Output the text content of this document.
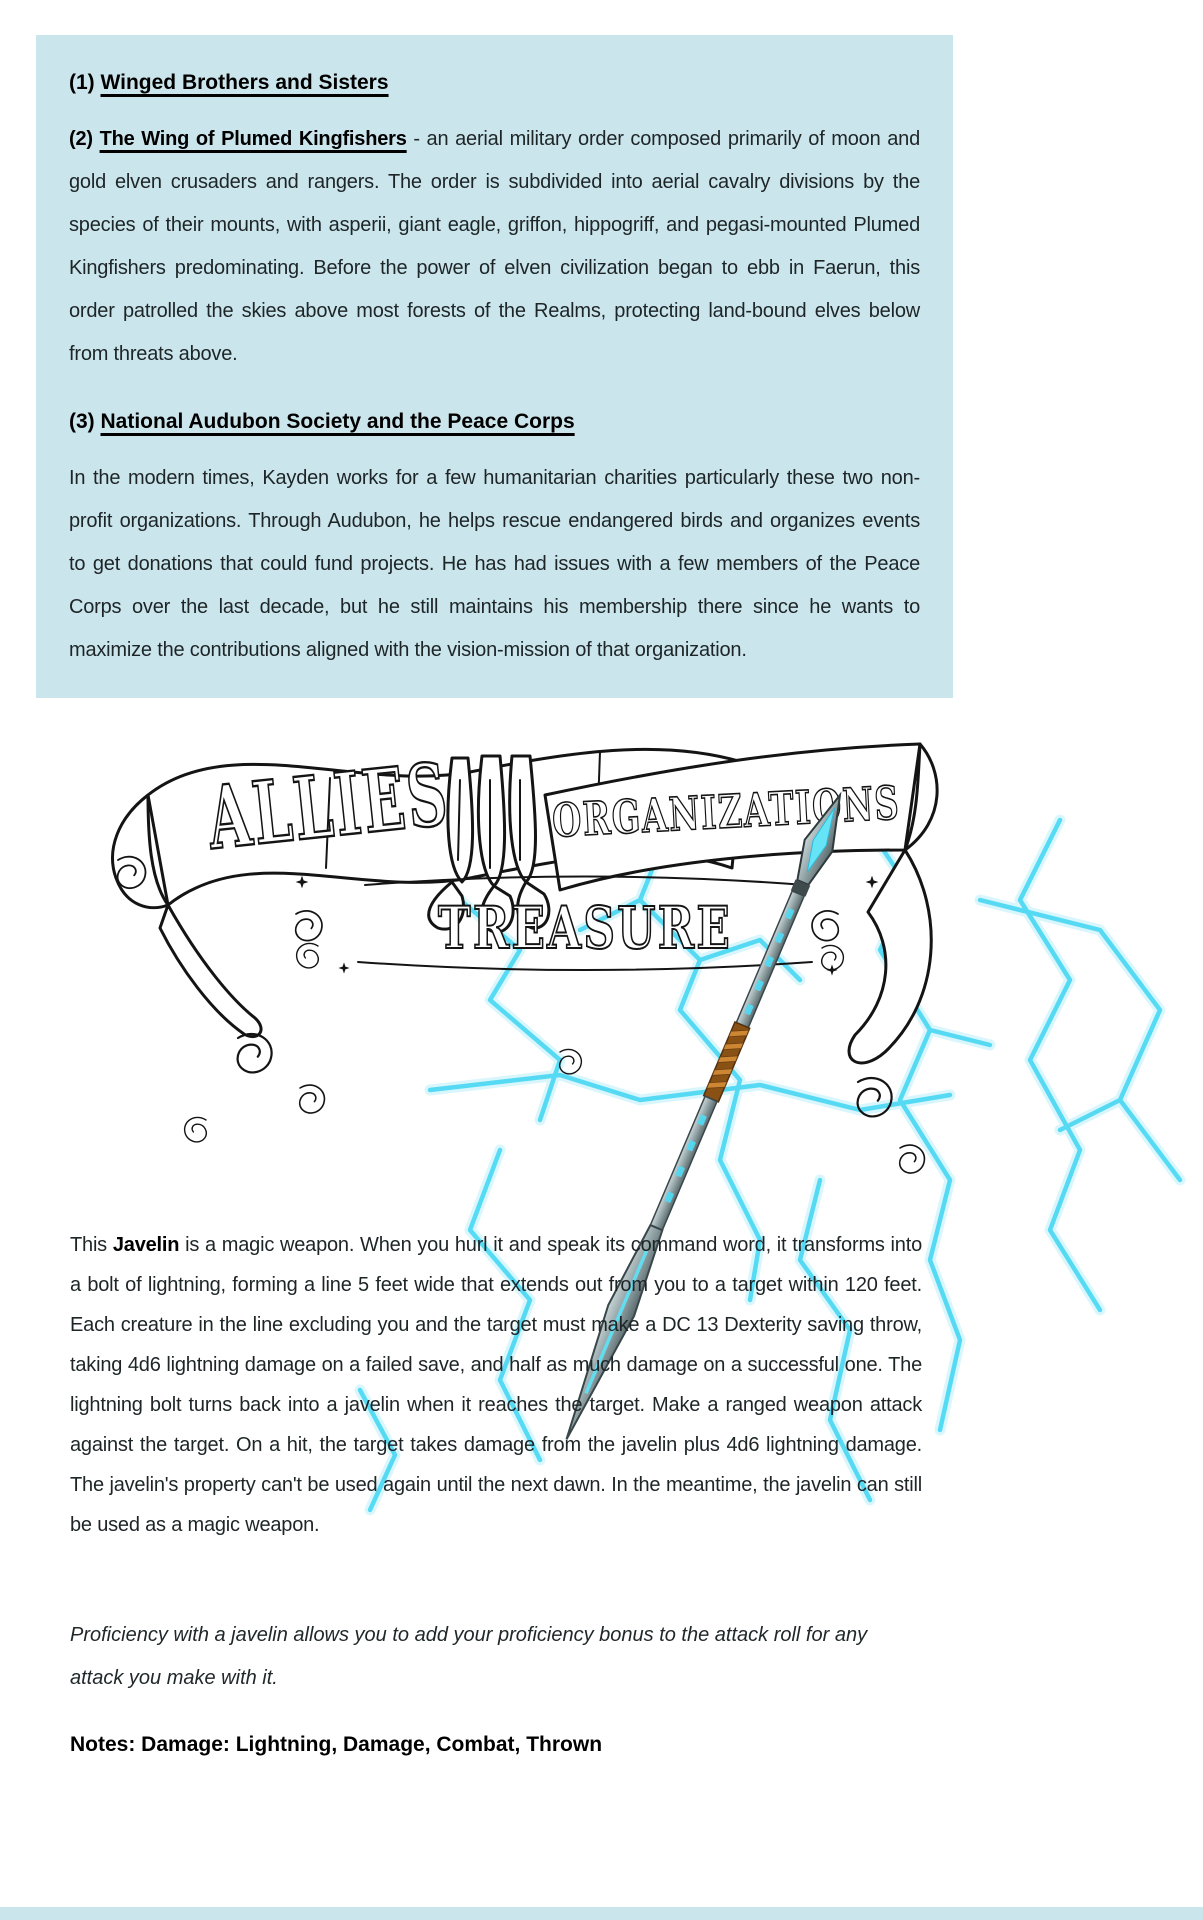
(1) Winged Brothers and Sisters

(2) The Wing of Plumed Kingfishers - an aerial military order composed primarily of moon and gold elven crusaders and rangers. The order is subdivided into aerial cavalry divisions by the species of their mounts, with asperii, giant eagle, griffon, hippogriff, and pegasi-mounted Plumed Kingfishers predominating. Before the power of elven civilization began to ebb in Faerun, this order patrolled the skies above most forests of the Realms, protecting land-bound elves below from threats above.

(3) National Audubon Society and the Peace Corps

In the modern times, Kayden works for a few humanitarian charities particularly these two non-profit organizations. Through Audubon, he helps rescue endangered birds and organizes events to get donations that could fund projects. He has had issues with a few members of the Peace Corps over the last decade, but he still maintains his membership there since he wants to maximize the contributions aligned with the vision-mission of that organization.

ALLIES
ORGANIZATIONS
TREASURE

This Javelin is a magic weapon. When you hurl it and speak its command word, it transforms into a bolt of lightning, forming a line 5 feet wide that extends out from you to a target within 120 feet. Each creature in the line excluding you and the target must make a DC 13 Dexterity saving throw, taking 4d6 lightning damage on a failed save, and half as much damage on a successful one. The lightning bolt turns back into a javelin when it reaches the target. Make a ranged weapon attack against the target. On a hit, the target takes damage from the javelin plus 4d6 lightning damage. The javelin's property can't be used again until the next dawn. In the meantime, the javelin can still be used as a magic weapon.

Proficiency with a javelin allows you to add your proficiency bonus to the attack roll for any attack you make with it.

Notes: Damage: Lightning, Damage, Combat, Thrown
